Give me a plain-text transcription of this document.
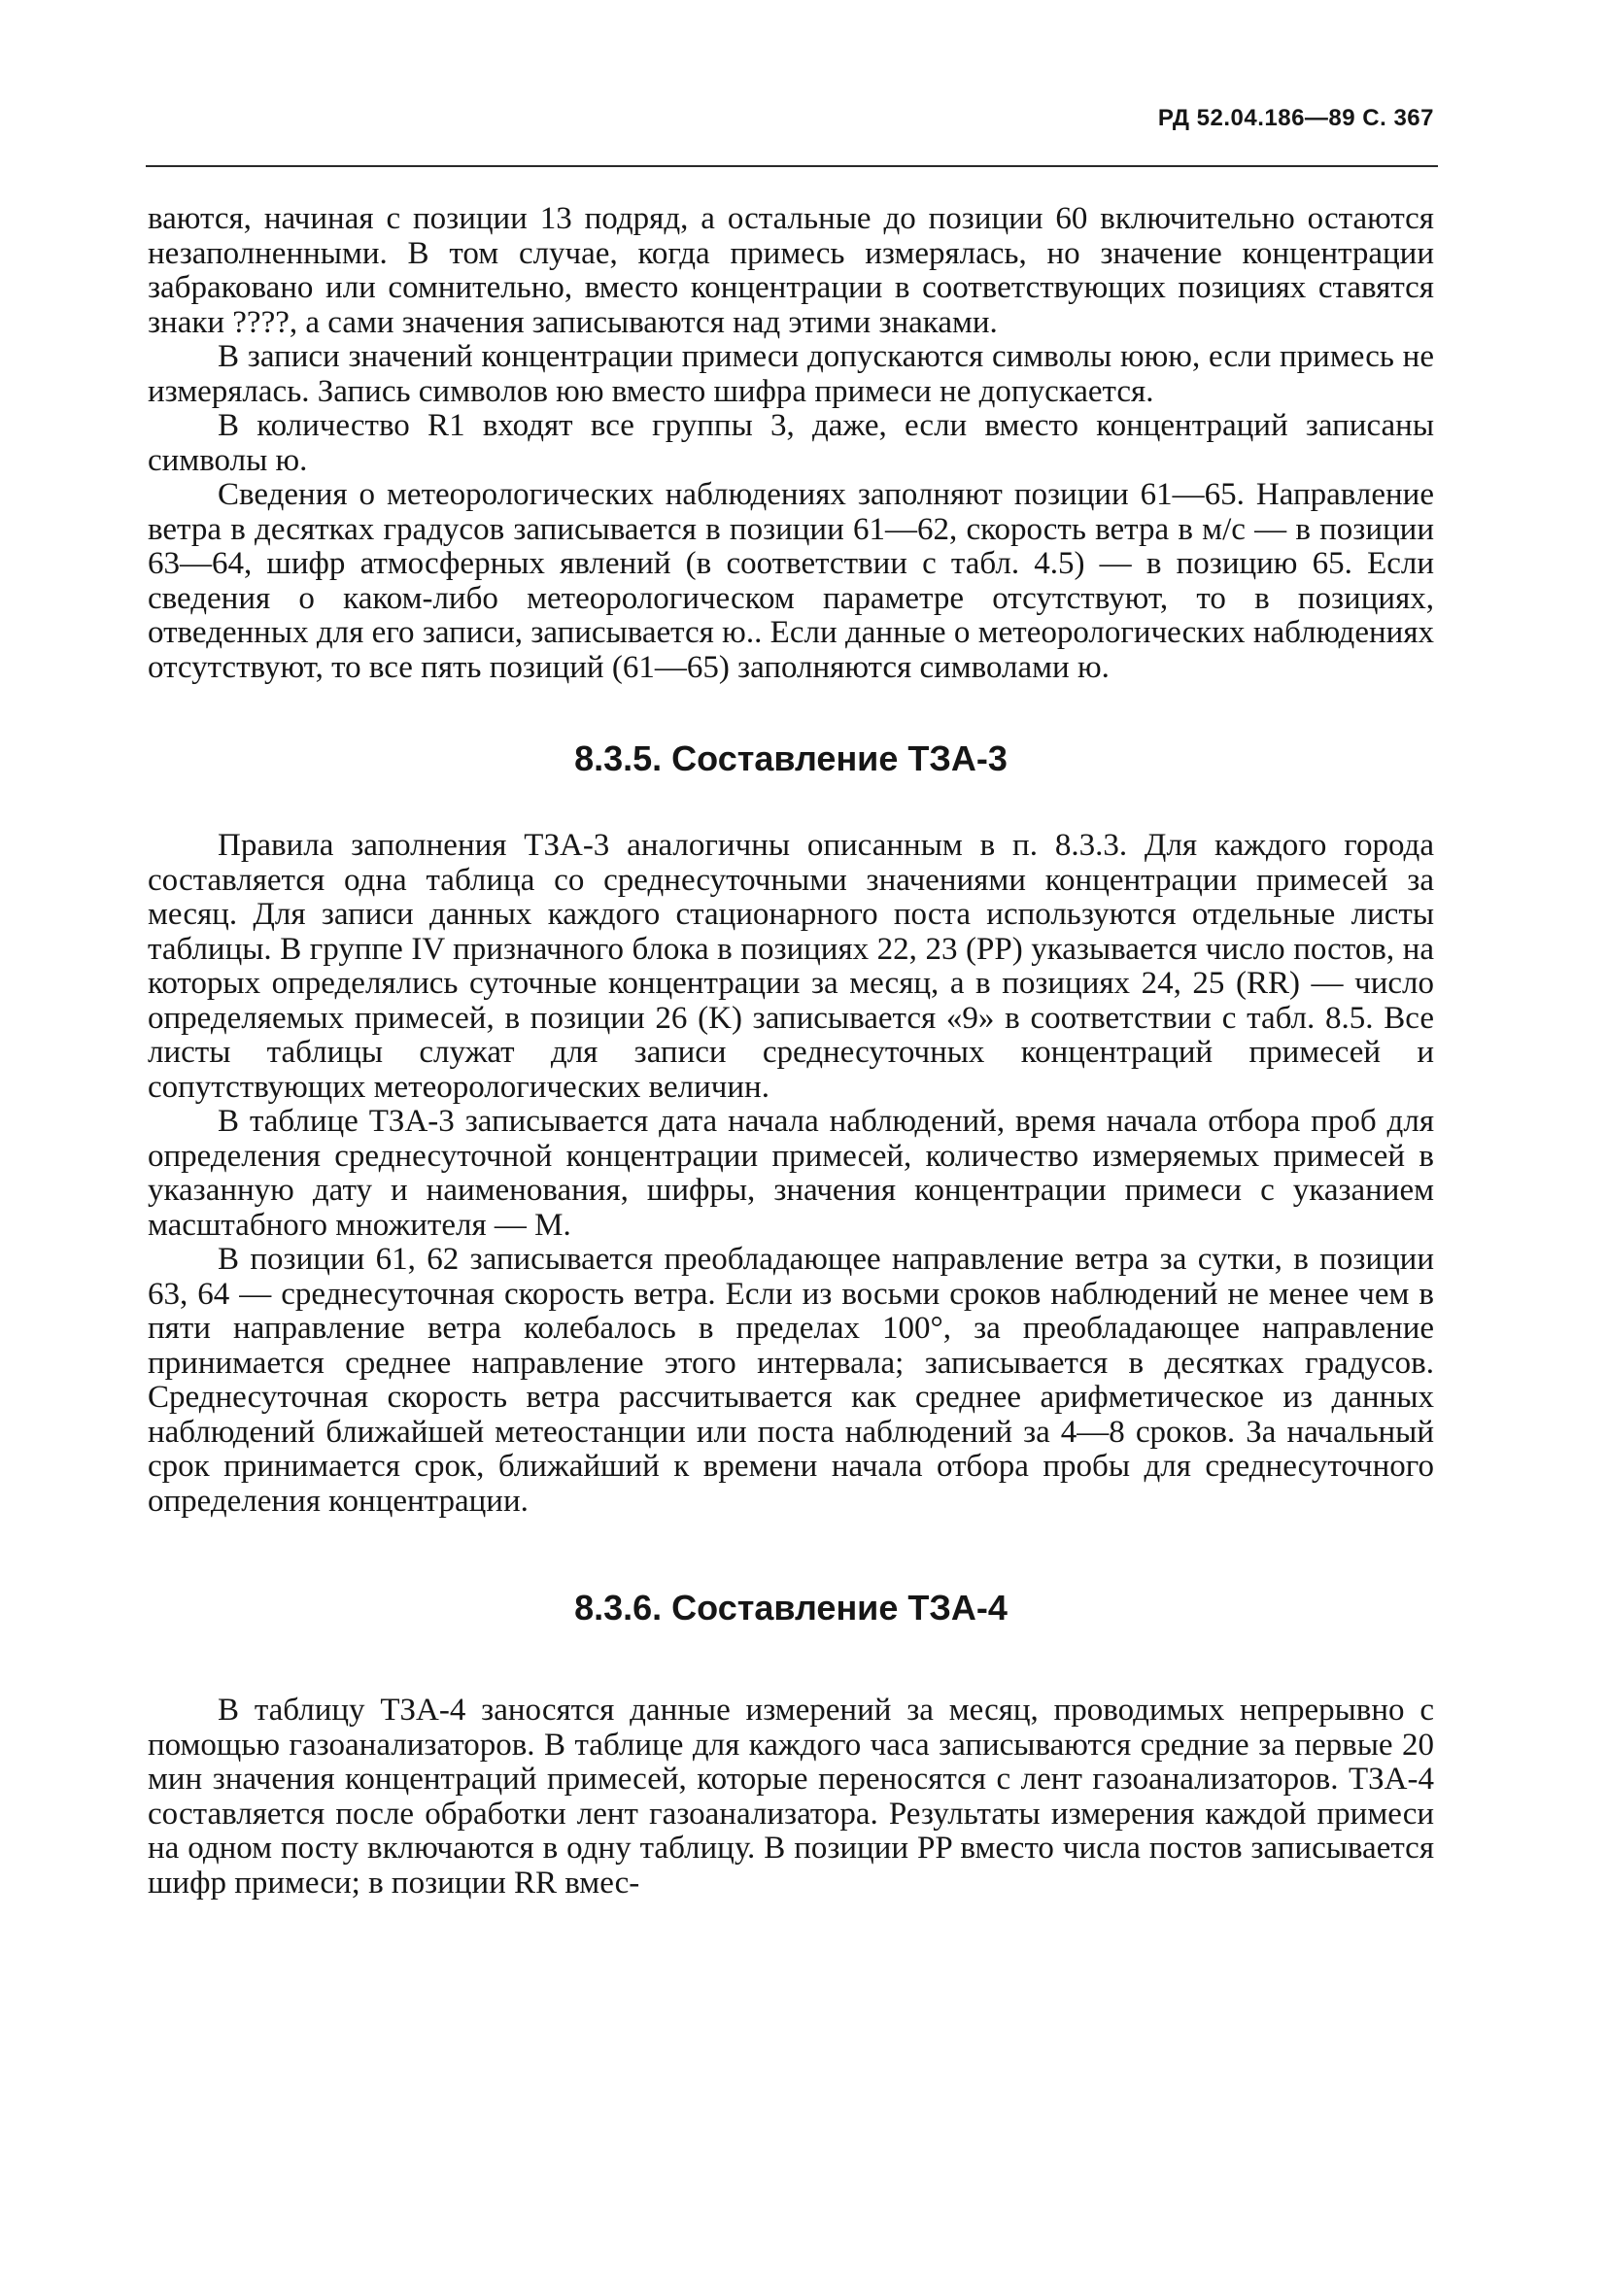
РД 52.04.186—89 С. 367

ваются, начиная с позиции 13 подряд, а остальные до позиции 60 включительно остаются незаполненными. В том случае, когда примесь измерялась, но значение концентрации забраковано или сомнительно, вместо концентрации в соответствующих позициях ставятся знаки ????, а сами значения записываются над этими знаками.

В записи значений концентрации примеси допускаются символы ююю, если примесь не измерялась. Запись символов юю вместо шифра примеси не допускается.

В количество R1 входят все группы 3, даже, если вместо концентраций записаны символы ю.

Сведения о метеорологических наблюдениях заполняют позиции 61—65. Направление ветра в десятках градусов записывается в позиции 61—62, скорость ветра в м/с — в позиции 63—64, шифр атмосферных явлений (в соответствии с табл. 4.5) — в позицию 65. Если сведения о каком-либо метеорологическом параметре отсутствуют, то в позициях, отведенных для его записи, записывается ю.. Если данные о метеорологических наблюдениях отсутствуют, то все пять позиций (61—65) заполняются символами ю.

8.3.5. Составление ТЗА-3

Правила заполнения ТЗА-3 аналогичны описанным в п. 8.3.3. Для каждого города составляется одна таблица со среднесуточными значениями концентрации примесей за месяц. Для записи данных каждого стационарного поста используются отдельные листы таблицы. В группе IV призначного блока в позициях 22, 23 (PP) указывается число постов, на которых определялись суточные концентрации за месяц, а в позициях 24, 25 (RR) — число определяемых примесей, в позиции 26 (K) записывается «9» в соответствии с табл. 8.5. Все листы таблицы служат для записи среднесуточных концентраций примесей и сопутствующих метеорологических величин.

В таблице ТЗА-3 записывается дата начала наблюдений, время начала отбора проб для определения среднесуточной концентрации примесей, количество измеряемых примесей в указанную дату и наименования, шифры, значения концентрации примеси с указанием масштабного множителя — М.

В позиции 61, 62 записывается преобладающее направление ветра за сутки, в позиции 63, 64 — среднесуточная скорость ветра. Если из восьми сроков наблюдений не менее чем в пяти направление ветра колебалось в пределах 100°, за преобладающее направление принимается среднее направление этого интервала; записывается в десятках градусов. Среднесуточная скорость ветра рассчитывается как среднее арифметическое из данных наблюдений ближайшей метеостанции или поста наблюдений за 4—8 сроков. За начальный срок принимается срок, ближайший к времени начала отбора пробы для среднесуточного определения концентрации.

8.3.6. Составление ТЗА-4

В таблицу ТЗА-4 заносятся данные измерений за месяц, проводимых непрерывно с помощью газоанализаторов. В таблице для каждого часа записываются средние за первые 20 мин значения концентраций примесей, которые переносятся с лент газоанализаторов. ТЗА-4 составляется после обработки лент газоанализатора. Результаты измерения каждой примеси на одном посту включаются в одну таблицу. В позиции PP вместо числа постов записывается шифр примеси; в позиции RR вмес-
